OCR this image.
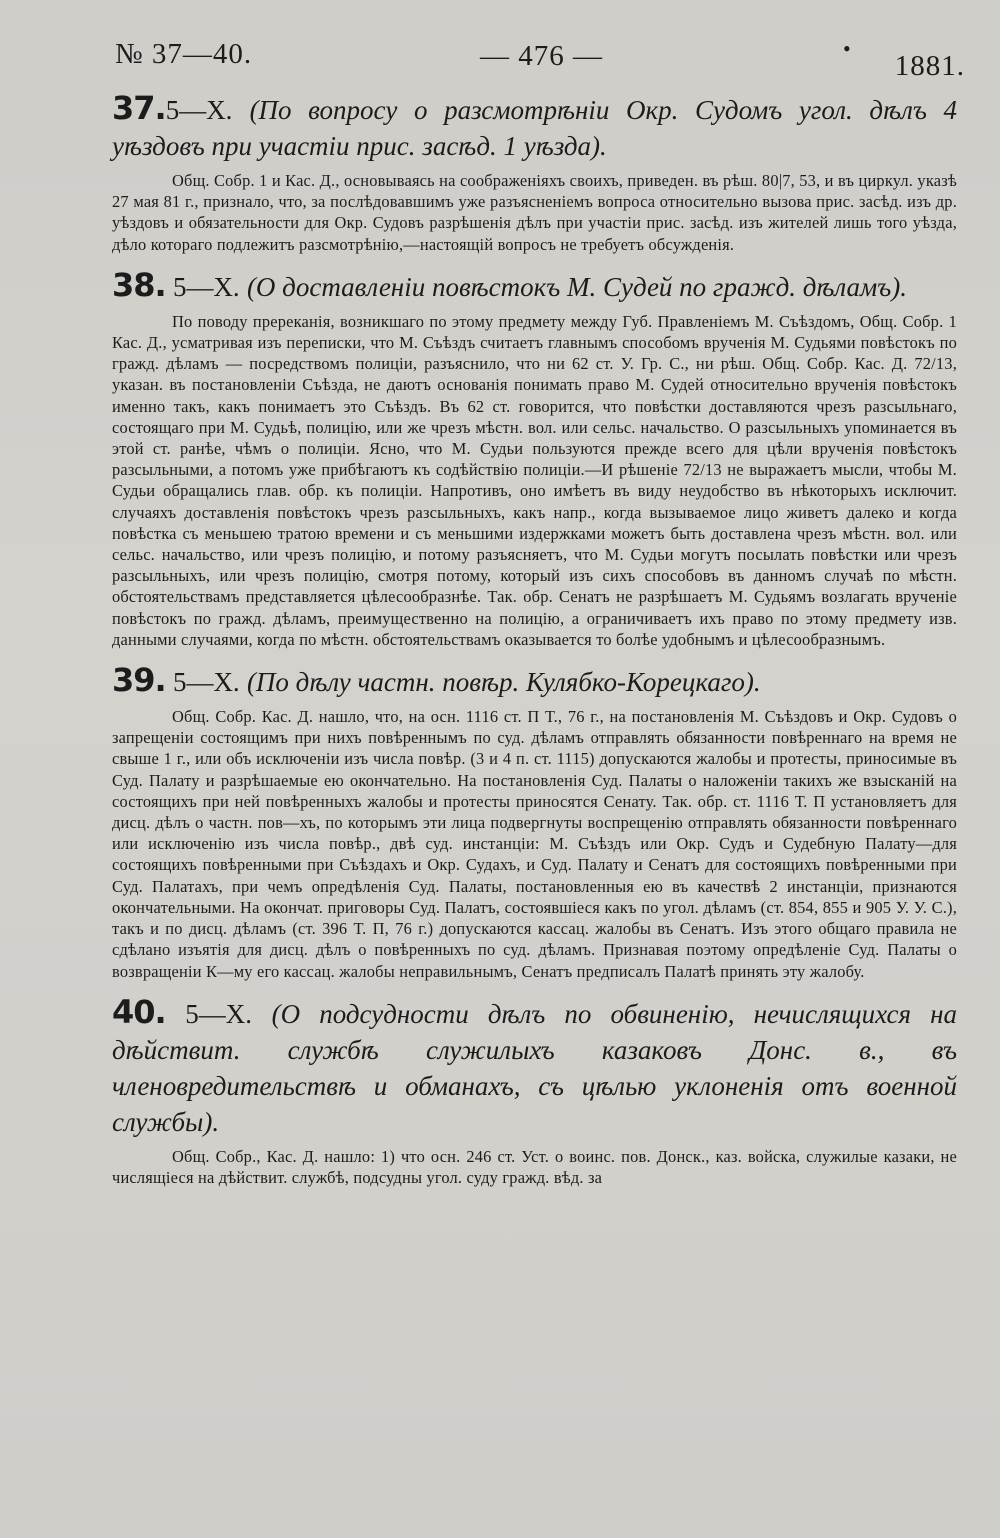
№ 37—40.	— 476 —	•
1881.
37.5—X. (По вопросу о разсмотрѣніи Окр. Судомъ угол. дѣлъ 4 уѣздовъ при участіи прис. засѣд. 1 уѣзда).

Общ. Собр. 1 и Кас. Д., основываясь на соображеніяхъ своихъ, приведен. въ рѣш. 80|7, 53, и въ циркул. указѣ 27 мая 81 г., признало, что, за послѣдовавшимъ уже разъясненіемъ вопроса относительно вызова прис. засѣд. изъ др. уѣздовъ и обязательности для Окр. Судовъ разрѣшенія дѣлъ при участіи прис. засѣд. изъ жителей лишь того уѣзда, дѣло котораго подлежитъ разсмотрѣнію,—настоящій вопросъ не требуетъ обсужденія.

38. 5—X. (О доставленіи повѣстокъ М. Судей по гражд. дѣламъ).

По поводу пререканія, возникшаго по этому предмету между Губ. Правленіемъ М. Съѣздомъ, Общ. Собр. 1 Кас. Д., усматривая изъ переписки, что М. Съѣздъ считаетъ главнымъ способомъ врученія М. Судьями повѣстокъ по гражд. дѣламъ — посредствомъ полиціи, разъяснило, что ни 62 ст. У. Гр. С., ни рѣш. Общ. Собр. Кас. Д. 72/13, указан. въ постановленіи Съѣзда, не даютъ основанія понимать право М. Судей относительно врученія повѣстокъ именно такъ, какъ понимаетъ это Съѣздъ. Въ 62 ст. говорится, что повѣстки доставляются чрезъ разсыльнаго, состоящаго при М. Судьѣ, полицію, или же чрезъ мѣстн. вол. или сельс. начальство. О разсыльныхъ упоминается въ этой ст. ранѣе, чѣмъ о полиціи. Ясно, что М. Судьи пользуются прежде всего для цѣли врученія повѣстокъ разсыльными, а потомъ уже прибѣгаютъ къ содѣйствію полиціи.—И рѣшеніе 72/13 не выражаетъ мысли, чтобы М. Судьи обращались глав. обр. къ полиціи. Напротивъ, оно имѣетъ въ виду неудобство въ нѣкоторыхъ исключит. случаяхъ доставленія повѣстокъ чрезъ разсыльныхъ, какъ напр., когда вызываемое лицо живетъ далеко и когда повѣстка съ меньшею тратою времени и съ меньшими издержками можетъ быть доставлена чрезъ мѣстн. вол. или сельс. начальство, или чрезъ полицію, и потому разъясняетъ, что М. Судьи могутъ посылать повѣстки или чрезъ разсыльныхъ, или чрезъ полицію, смотря потому, который изъ сихъ способовъ въ данномъ случаѣ по мѣстн. обстоятельствамъ представляется цѣлесообразнѣе. Так. обр. Сенатъ не разрѣшаетъ М. Судьямъ возлагать врученіе повѣстокъ по гражд. дѣламъ, преимущественно на полицію, а ограничиваетъ ихъ право по этому предмету изв. данными случаями, когда по мѣстн. обстоятельствамъ оказывается то болѣе удобнымъ и цѣлесообразнымъ.

39. 5—X. (По дѣлу частн. повѣр. Кулябко-Корецкаго).

Общ. Собр. Кас. Д. нашло, что, на осн. 1116 ст. П Т., 76 г., на постановленія М. Съѣздовъ и Окр. Судовъ о запрещеніи состоящимъ при нихъ повѣреннымъ по суд. дѣламъ отправлять обязанности повѣреннаго на время не свыше 1 г., или объ исключеніи изъ числа повѣр. (3 и 4 п. ст. 1115) допускаются жалобы и протесты, приносимые въ Суд. Палату и разрѣшаемые ею окончательно. На постановленія Суд. Палаты о наложеніи такихъ же взысканій на состоящихъ при ней повѣренныхъ жалобы и протесты приносятся Сенату. Так. обр. ст. 1116 Т. П установляетъ для дисц. дѣлъ о частн. пов—хъ, по которымъ эти лица подвергнуты воспрещенію отправлять обязанности повѣреннаго или исключенію изъ числа повѣр., двѣ суд. инстанціи: М. Съѣздъ или Окр. Судъ и Судебную Палату—для состоящихъ повѣренными при Съѣздахъ и Окр. Судахъ, и Суд. Палату и Сенатъ для состоящихъ повѣренными при Суд. Палатахъ, при чемъ опредѣленія Суд. Палаты, постановленныя ею въ качествѣ 2 инстанціи, признаются окончательными. На окончат. приговоры Суд. Палатъ, состоявшіеся какъ по угол. дѣламъ (ст. 854, 855 и 905 У. У. С.), такъ и по дисц. дѣламъ (ст. 396 Т. П, 76 г.) допускаются кассац. жалобы въ Сенатъ. Изъ этого общаго правила не сдѣлано изъятія для дисц. дѣлъ о повѣренныхъ по суд. дѣламъ. Признавая поэтому опредѣленіе Суд. Палаты о возвращеніи К—му его кассац. жалобы неправильнымъ, Сенатъ предписалъ Палатѣ принять эту жалобу.

40. 5—X. (О подсудности дѣлъ по обвиненію, нечислящихся на дѣйствит. службѣ служилыхъ казаковъ Донс. в., въ членовредительствѣ и обманахъ, съ цѣлью уклоненія отъ военной службы).

Общ. Собр., Кас. Д. нашло: 1) что осн. 246 ст. Уст. о воинс. пов. Донск., каз. войска, служилые казаки, не числящіеся на дѣйствит. службѣ, подсудны угол. суду гражд. вѣд. за
